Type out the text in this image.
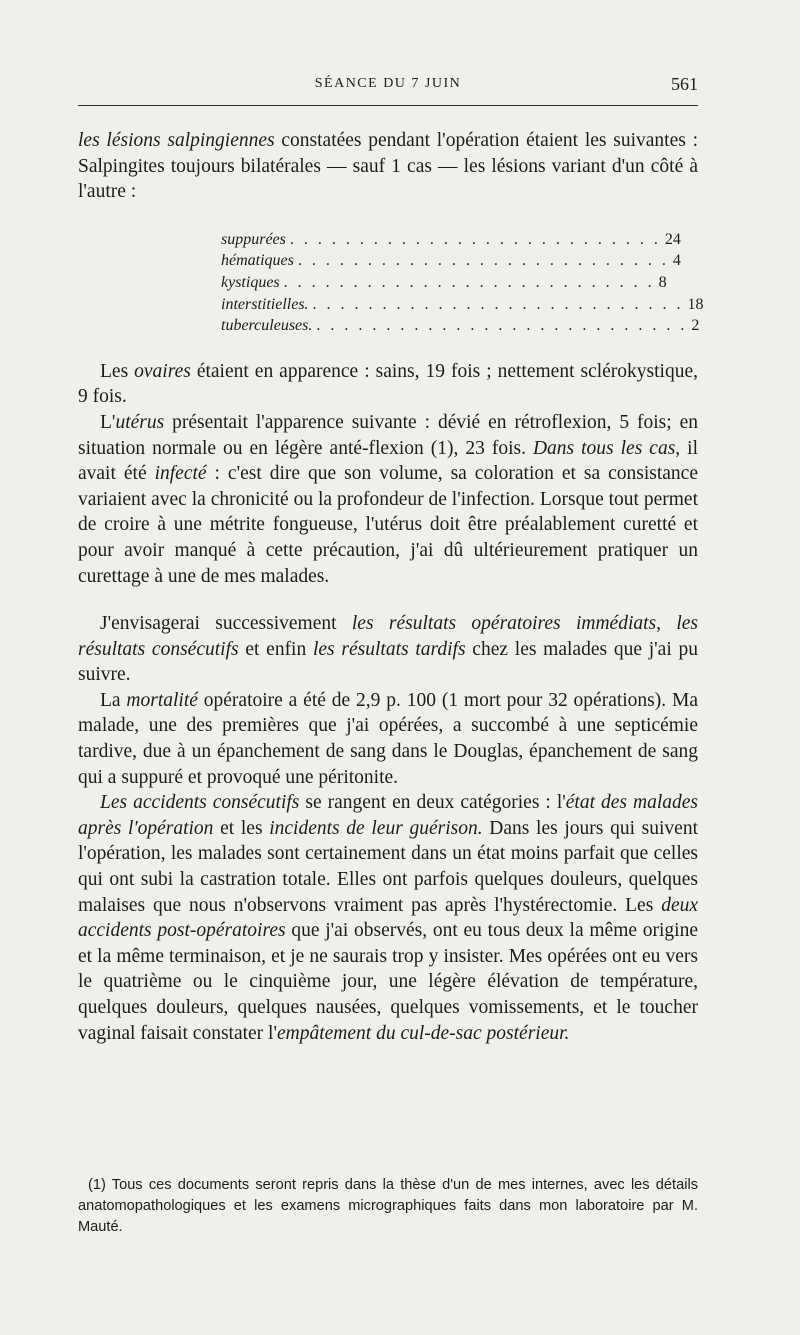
SÉANCE DU 7 JUIN	561

les lésions salpingiennes constatées pendant l'opération étaient les suivantes : Salpingites toujours bilatérales — sauf 1 cas — les lésions variant d'un côté à l'autre :

suppurées . . . . . . . . . . . . . . . . . . . . . . . . . . . 24
hématiques . . . . . . . . . . . . . . . . . . . . . . . . . . . 4
kystiques . . . . . . . . . . . . . . . . . . . . . . . . . . . 8
interstitielles. . . . . . . . . . . . . . . . . . . . . . . . . . . . 18
tuberculeuses. . . . . . . . . . . . . . . . . . . . . . . . . . . . 2

Les ovaires étaient en apparence : sains, 19 fois ; nettement sclérokystique, 9 fois.

L'utérus présentait l'apparence suivante : dévié en rétroflexion, 5 fois; en situation normale ou en légère anté-flexion (1), 23 fois. Dans tous les cas, il avait été infecté : c'est dire que son volume, sa coloration et sa consistance variaient avec la chronicité ou la profondeur de l'infection. Lorsque tout permet de croire à une métrite fongueuse, l'utérus doit être préalablement curetté et pour avoir manqué à cette précaution, j'ai dû ultérieurement pratiquer un curettage à une de mes malades.

J'envisagerai successivement les résultats opératoires immédiats, les résultats consécutifs et enfin les résultats tardifs chez les malades que j'ai pu suivre.

La mortalité opératoire a été de 2,9 p. 100 (1 mort pour 32 opérations). Ma malade, une des premières que j'ai opérées, a succombé à une septicémie tardive, due à un épanchement de sang dans le Douglas, épanchement de sang qui a suppuré et provoqué une péritonite.

Les accidents consécutifs se rangent en deux catégories : l'état des malades après l'opération et les incidents de leur guérison. Dans les jours qui suivent l'opération, les malades sont certainement dans un état moins parfait que celles qui ont subi la castration totale. Elles ont parfois quelques douleurs, quelques malaises que nous n'observons vraiment pas après l'hystérectomie. Les deux accidents post-opératoires que j'ai observés, ont eu tous deux la même origine et la même terminaison, et je ne saurais trop y insister. Mes opérées ont eu vers le quatrième ou le cinquième jour, une légère élévation de température, quelques douleurs, quelques nausées, quelques vomissements, et le toucher vaginal faisait constater l'empâtement du cul-de-sac postérieur.

(1) Tous ces documents seront repris dans la thèse d'un de mes internes, avec les détails anatomopathologiques et les examens micrographiques faits dans mon laboratoire par M. Mauté.
